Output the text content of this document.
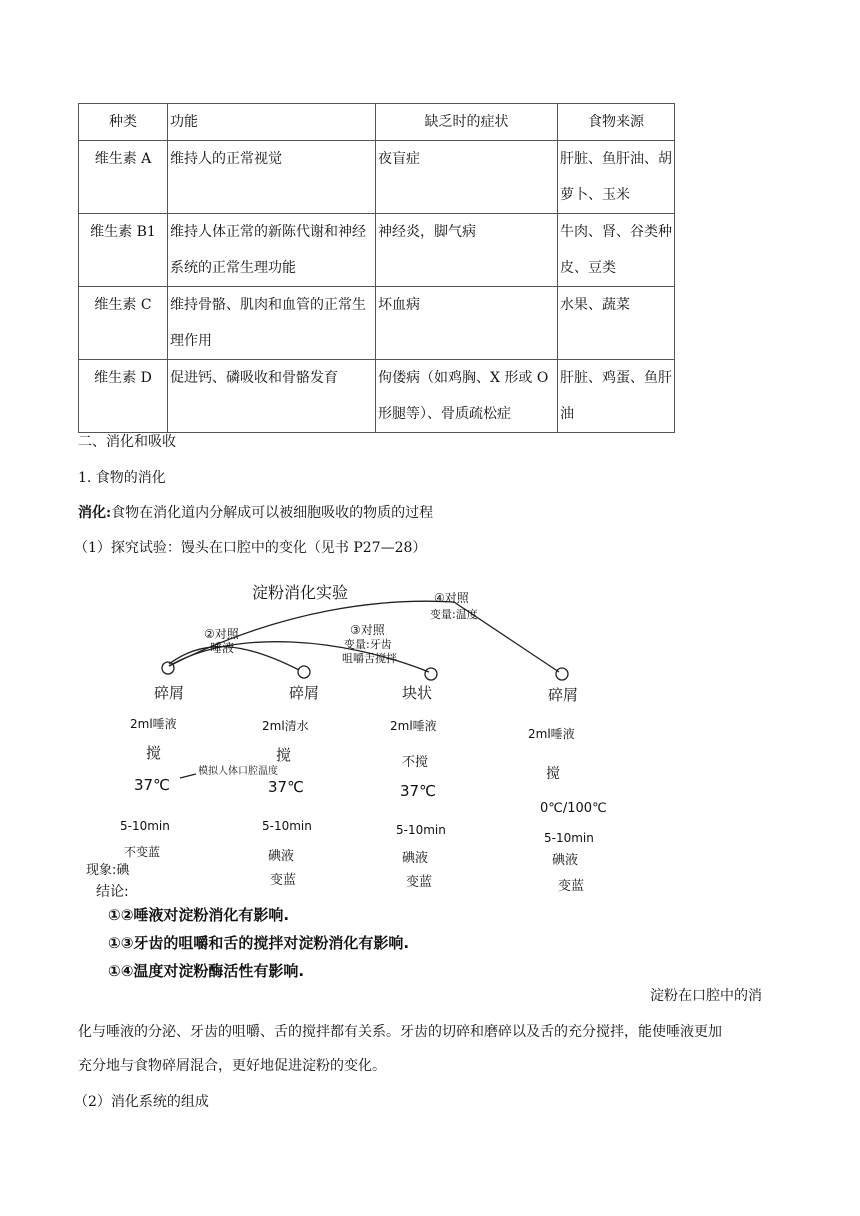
种类	功能	缺乏时的症状	食物来源
维生素 A	维持人的正常视觉	夜盲症	肝脏、鱼肝油、胡萝卜、玉米
维生素 B1	维持人体正常的新陈代谢和神经系统的正常生理功能	神经炎，脚气病	牛肉、肾、谷类种皮、豆类
维生素 C	维持骨骼、肌肉和血管的正常生理作用	坏血病	水果、蔬菜
维生素 D	促进钙、磷吸收和骨骼发育	佝偻病（如鸡胸、X 形或 O 形腿等）、骨质疏松症	肝脏、鸡蛋、鱼肝油
二、消化和吸收
1. 食物的消化
消化:食物在消化道内分解成可以被细胞吸收的物质的过程
（1）探究试验：馒头在口腔中的变化（见书 P27—28）
淀粉消化实验
②对照
唾液
③对照
变量:牙齿
咀嚼舌搅拌
④对照
变量:温度
碎屑
2ml唾液
搅
37℃
5-10min
不变蓝
模拟人体口腔温度
碎屑
2ml清水
搅
37℃
5-10min
碘液
变蓝
块状
2ml唾液
不搅
37℃
5-10min
碘液
变蓝
碎屑
2ml唾液
搅
0℃/100℃
5-10min
碘液
变蓝
现象:碘
结论:
①②唾液对淀粉消化有影响.
①③牙齿的咀嚼和舌的搅拌对淀粉消化有影响.
①④温度对淀粉酶活性有影响.
淀粉在口腔中的消
化与唾液的分泌、牙齿的咀嚼、舌的搅拌都有关系。牙齿的切碎和磨碎以及舌的充分搅拌，能使唾液更加
充分地与食物碎屑混合，更好地促进淀粉的变化。
（2）消化系统的组成
